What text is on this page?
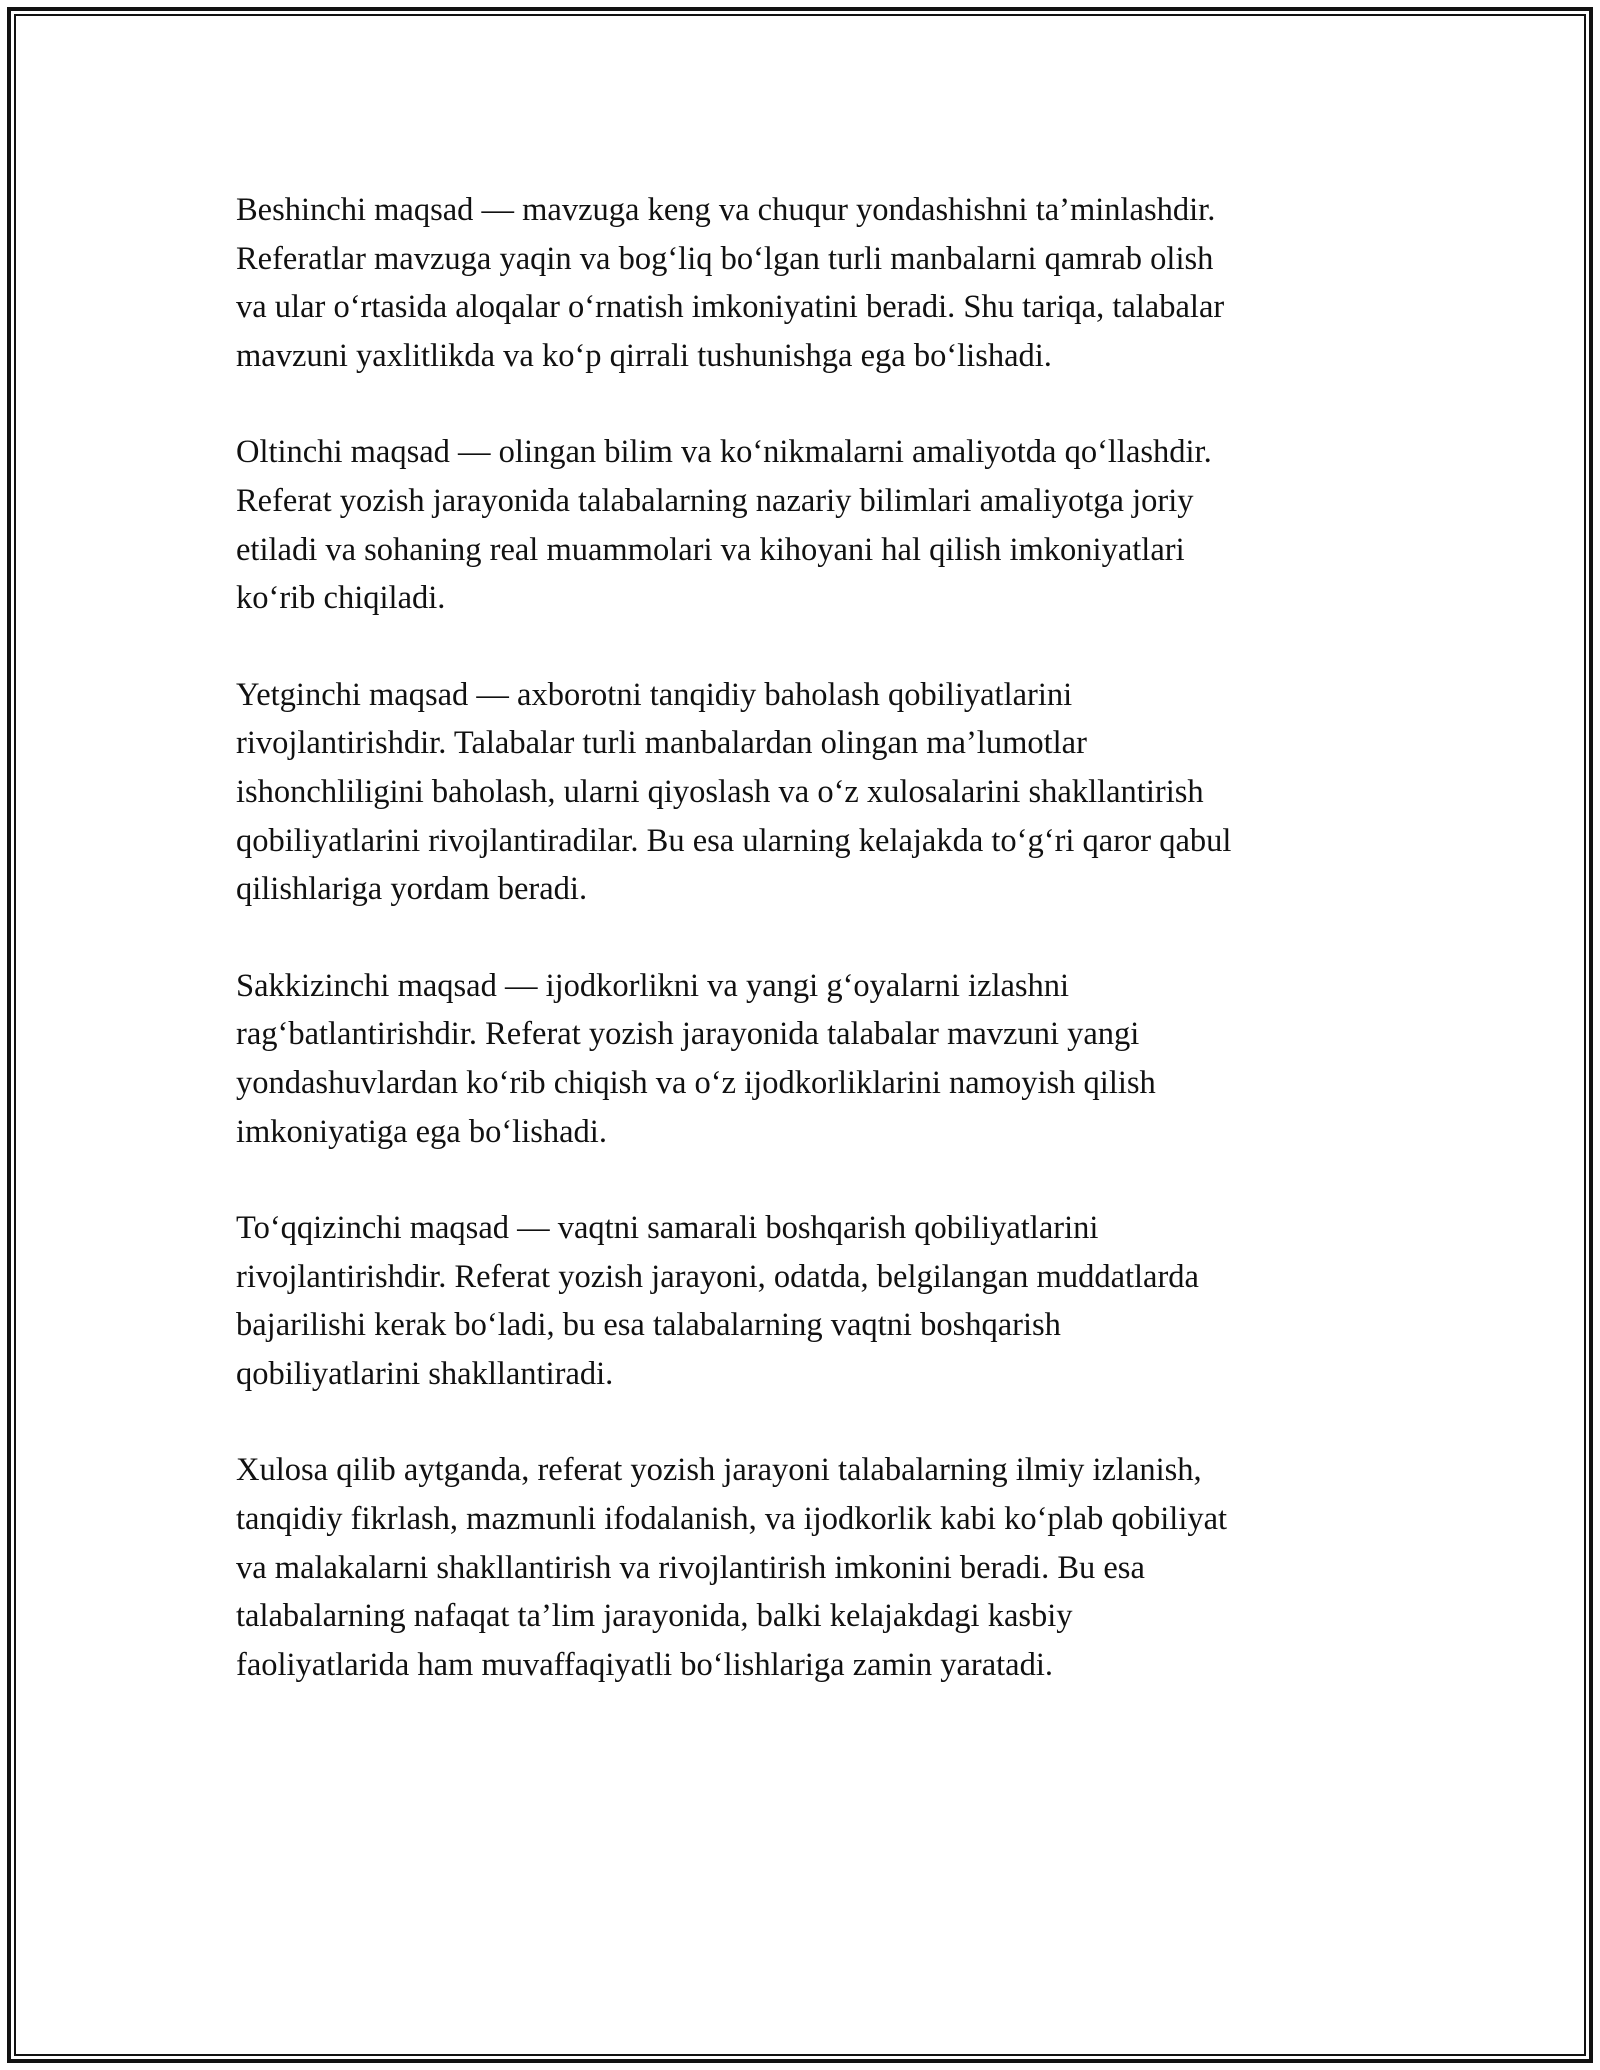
Beshinchi maqsad — mavzuga keng va chuqur yondashishni ta’minlashdir.
Referatlar mavzuga yaqin va bog‘liq bo‘lgan turli manbalarni qamrab olish
va ular o‘rtasida aloqalar o‘rnatish imkoniyatini beradi. Shu tariqa, talabalar
mavzuni yaxlitlikda va ko‘p qirrali tushunishga ega bo‘lishadi.

Oltinchi maqsad — olingan bilim va ko‘nikmalarni amaliyotda qo‘llashdir.
Referat yozish jarayonida talabalarning nazariy bilimlari amaliyotga joriy
etiladi va sohaning real muammolari va kihoyani hal qilish imkoniyatlari
ko‘rib chiqiladi.

Yetginchi maqsad — axborotni tanqidiy baholash qobiliyatlarini
rivojlantirishdir. Talabalar turli manbalardan olingan ma’lumotlar
ishonchliligini baholash, ularni qiyoslash va o‘z xulosalarini shakllantirish
qobiliyatlarini rivojlantiradilar. Bu esa ularning kelajakda to‘g‘ri qaror qabul
qilishlariga yordam beradi.

Sakkizinchi maqsad — ijodkorlikni va yangi g‘oyalarni izlashni
rag‘batlantirishdir. Referat yozish jarayonida talabalar mavzuni yangi
yondashuvlardan ko‘rib chiqish va o‘z ijodkorliklarini namoyish qilish
imkoniyatiga ega bo‘lishadi.

To‘qqizinchi maqsad — vaqtni samarali boshqarish qobiliyatlarini
rivojlantirishdir. Referat yozish jarayoni, odatda, belgilangan muddatlarda
bajarilishi kerak bo‘ladi, bu esa talabalarning vaqtni boshqarish
qobiliyatlarini shakllantiradi.

Xulosa qilib aytganda, referat yozish jarayoni talabalarning ilmiy izlanish,
tanqidiy fikrlash, mazmunli ifodalanish, va ijodkorlik kabi ko‘plab qobiliyat
va malakalarni shakllantirish va rivojlantirish imkonini beradi. Bu esa
talabalarning nafaqat ta’lim jarayonida, balki kelajakdagi kasbiy
faoliyatlarida ham muvaffaqiyatli bo‘lishlariga zamin yaratadi.
